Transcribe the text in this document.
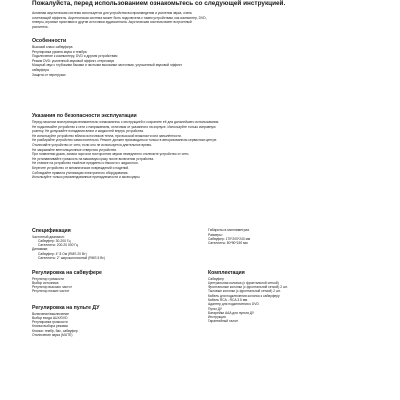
Пожалуйста, перед использованием ознакомьтесь со следующей инструкцией.
Активная акустическая система используется для устройства воспроизведения и усиления звука, очень
сочетающей эффекты. Акустическая система может быть подключена к таким устройствам, как компьютер, DVD,
плееры, игровые приставки и другие источники аудиосигнала. Акустическая система имеет встроенный
усилитель.
Особенности
Высокий класс сабвуфера
Регулировка уровня звука и тембра
Подключение к компьютеру, DVD и другим устройствам
Режим DVD: усиленный звуковой эффект, стереозвук
Мощный звук с глубокими басами и чистыми высокими частотами, улучшенный звуковой эффект
сабвуфера
Защита от перегрузки
Указания по безопасности эксплуатации
Перед началом эксплуатации внимательно ознакомьтесь с инструкцией и сохраните её для дальнейшего использования.
Не подключайте устройство к сети с напряжением, отличным от указанного на корпусе. Используйте только исправную
розетку. Не допускайте попадания влаги и жидкостей внутрь устройства.
Не используйте устройство вблизи источников тепла, при высокой влажности или запылённости.
Не разбирайте устройство самостоятельно. Ремонт должен производиться только в авторизованном сервисном центре.
Отключайте устройство от сети, если оно не используется длительное время.
Не закрывайте вентиляционные отверстия устройства.
При появлении дыма, запаха гари или посторонних звуков немедленно отключите устройство от сети.
Не устанавливайте громкость на максимум сразу после включения устройства.
Не ставьте на устройство тяжёлые предметы и ёмкости с жидкостью.
Берегите устройство от механических повреждений и падений.
Соблюдайте правила утилизации электронного оборудования.
Используйте только рекомендованные принадлежности и аксессуары.
Спецификация
Частотный диапазон:
Сабвуфер: 30-200 Гц
Сателлиты: 200-20 000 Гц
Динамики:
Сабвуфер: 4" 8 Ом (RMS 20 Вт)
Сателлиты: 2" широкополосный (RMS 5 Вт)
Габариты в миллиметрах
Размеры:
Сабвуфер: 170*200*240 мм
Сателлиты: 80*90*150 мм
Регулировка на сабвуфере
Регулятор громкости
Выбор источника
Регулятор высоких частот
Регулятор низких частот
Регулировка на пульте ДУ
Включение/выключение
Выбор входа AUX/DVD
Регулировка громкости
Кнопки выбора режима
Кнопки: тембр, бас, сабвуфер
Отключение звука (MUTE)
Комплектация
Сабвуфер
Центральная колонка (с фронтальной сеткой)
Фронтальные колонки (с фронтальной сеткой) 2 шт.
Тыловые колонки (с фронтальной сеткой) 2 шт.
Кабель для подключения колонок к сабвуферу
Кабель RCA - RCA 3.5 мм
Адаптер для подключения к DVD
Пульт ДУ
Батарейки AAA для пульта ДУ
Инструкция
Гарантийный талон
